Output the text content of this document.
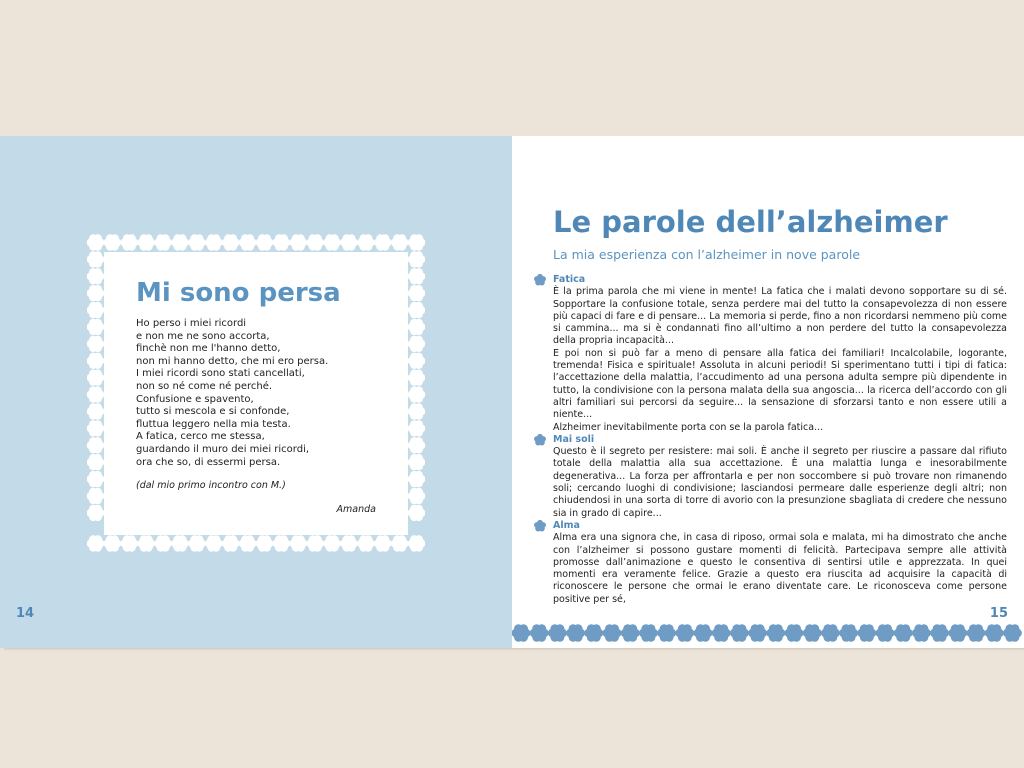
Mi sono persa
Ho perso i miei ricordi
e non me ne sono accorta,
finchè non me l'hanno detto,
non mi hanno detto, che mi ero persa.
I miei ricordi sono stati cancellati,
non so né come né perché.
Confusione e spavento,
tutto si mescola e si confonde,
fluttua leggero nella mia testa.
A fatica, cerco me stessa,
guardando il muro dei miei ricordi,
ora che so, di essermi persa.
(dal mio primo incontro con M.)
Amanda
14
Le parole dell’alzheimer
La mia esperienza con l’alzheimer in nove parole
Fatica
È la prima parola che mi viene in mente! La fatica che i malati devono sopportare su di sé. Sopportare la confusione totale, senza perdere mai del tutto la consapevolezza di non essere più capaci di fare e di pensare... La memoria si perde, fino a non ricordarsi nemmeno più come si cammina... ma si è condannati fino all’ultimo a non perdere del tutto la consapevolezza della propria incapacità...
E poi non si può far a meno di pensare alla fatica dei familiari! Incalcolabile, logorante, tremenda! Fisica e spirituale! Assoluta in alcuni periodi! Si sperimentano tutti i tipi di fatica: l’accettazione della malattia, l’accudimento ad una persona adulta sempre più dipendente in tutto, la condivisione con la persona malata della sua angoscia... la ricerca dell’accordo con gli altri familiari sui percorsi da seguire... la sensazione di sforzarsi tanto e non essere utili a niente...
Alzheimer inevitabilmente porta con se la parola fatica...
Mai soli
Questo è il segreto per resistere: mai soli. È anche il segreto per riuscire a passare dal rifiuto totale della malattia alla sua accettazione. È una malattia lunga e inesorabilmente degenerativa... La forza per affrontarla e per non soccombere si può trovare non rimanendo soli; cercando luoghi di condivisione; lasciandosi permeare dalle esperienze degli altri; non chiudendosi in una sorta di torre di avorio con la presunzione sbagliata di credere che nessuno sia in grado di capire...
Alma
Alma era una signora che, in casa di riposo, ormai sola e malata, mi ha dimostrato che anche con l’alzheimer si possono gustare momenti di felicità. Partecipava sempre alle attività promosse dall’animazione e questo le consentiva di sentirsi utile e apprezzata. In quei momenti era veramente felice. Grazie a questo era riuscita ad acquisire la capacità di riconoscere le persone che ormai le erano diventate care. Le riconosceva come persone positive per sé,
15
